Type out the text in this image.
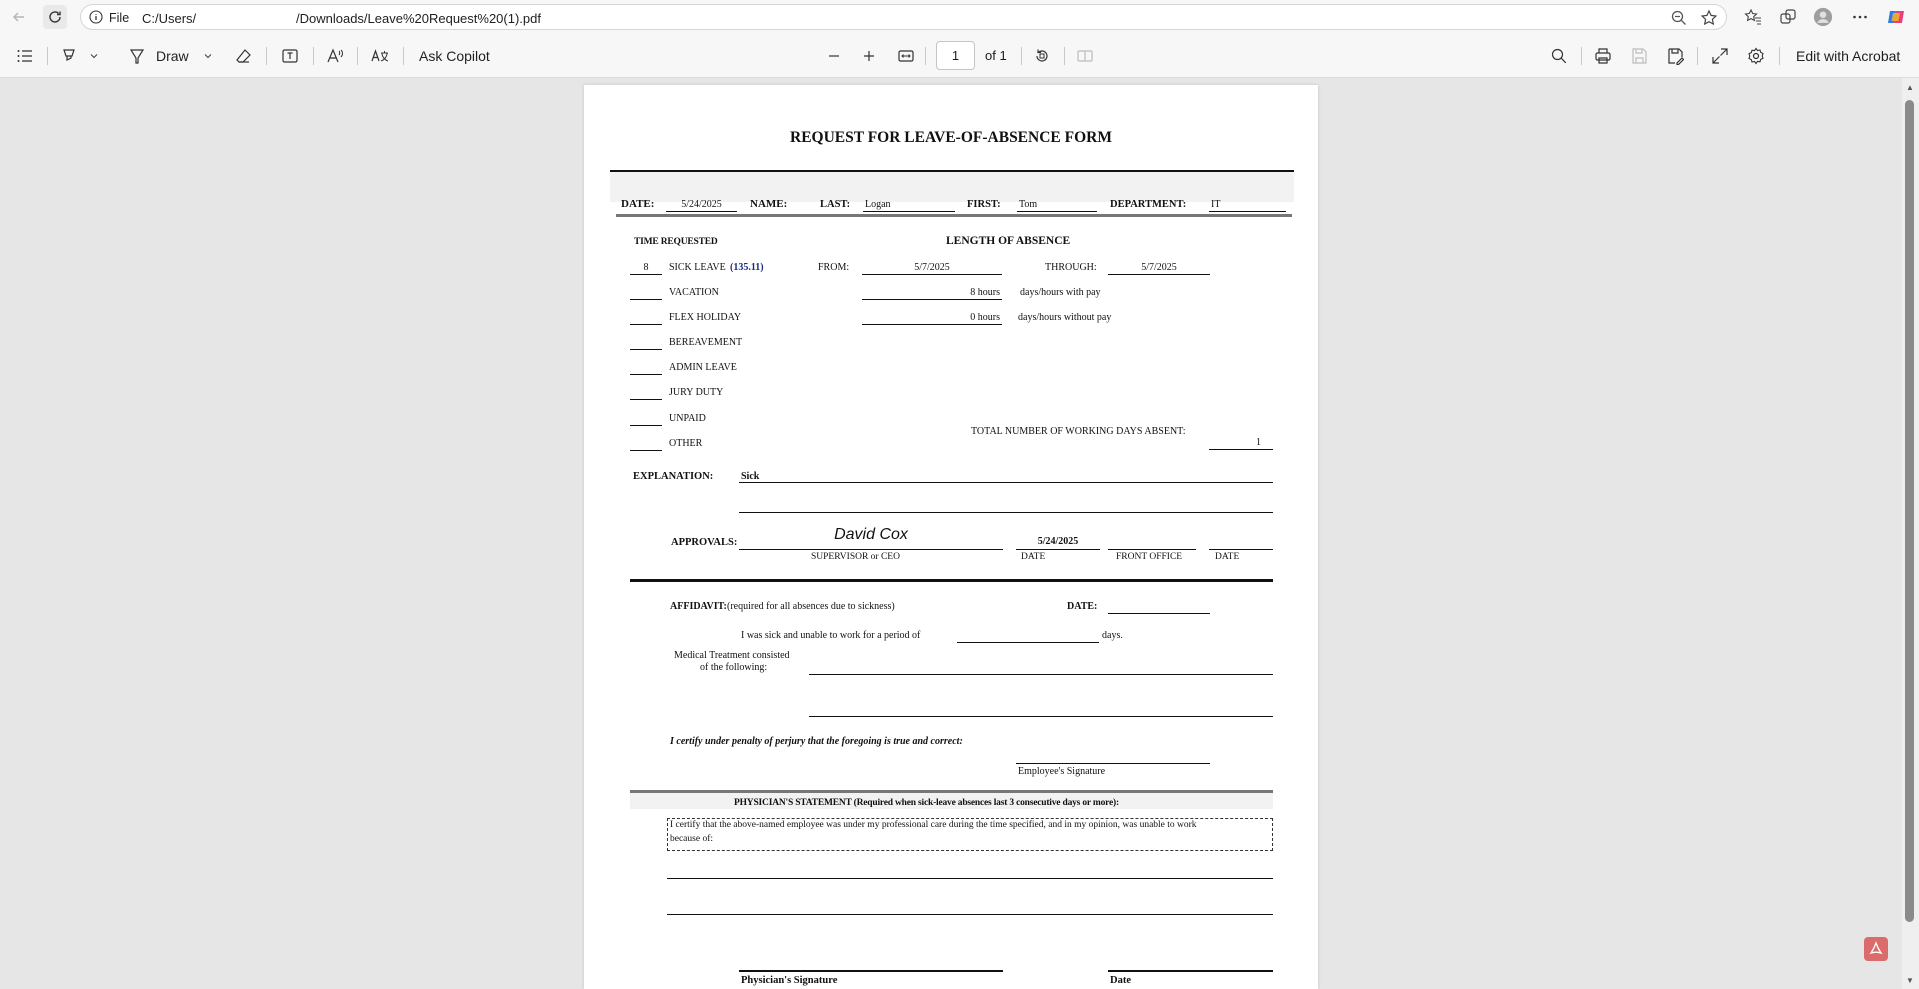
File C:/Users/	/Downloads/Leave%20Request%20(1).pdf
Draw	Ask Copilot	1	of 1	Edit with Acrobat
▲
▼
REQUEST FOR LEAVE-OF-ABSENCE FORM
DATE:	5/24/2025	NAME:	LAST: Logan	FIRST: Tom	DEPARTMENT: IT
TIME REQUESTED	LENGTH OF ABSENCE
8	SICK LEAVE (135.11)
VACATION
FLEX HOLIDAY
BEREAVEMENT
ADMIN LEAVE
JURY DUTY
UNPAID
OTHER
FROM:	5/7/2025	THROUGH:	5/7/2025
8 hours days/hours with pay
0 hours days/hours without pay
TOTAL NUMBER OF WORKING DAYS ABSENT:
1
EXPLANATION:	Sick
APPROVALS:	David Cox	5/24/2025
SUPERVISOR or CEO	DATE	FRONT OFFICE	DATE
AFFIDAVIT: (required for all absences due to sickness)	DATE:
I was sick and unable to work for a period of	days.
Medical Treatment consisted
of the following:
I certify under penalty of perjury that the foregoing is true and correct:
Employee's Signature
PHYSICIAN'S STATEMENT (Required when sick-leave absences last 3 consecutive days or more):
I certify that the above-named employee was under my professional care during the time specified, and in my opinion, was unable to work
because of:
Physician's Signature	Date
